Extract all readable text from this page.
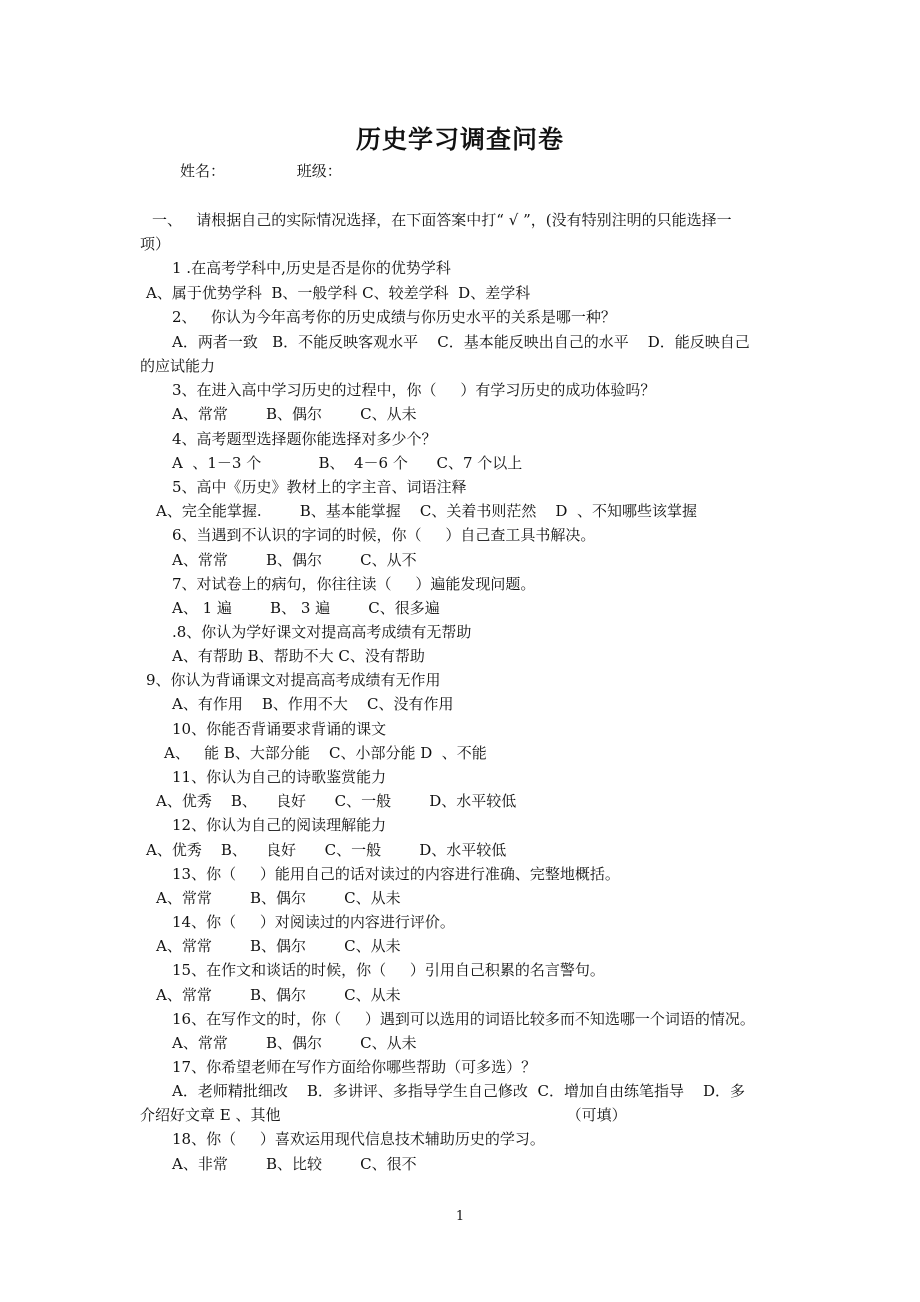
历史学习调查问卷
姓名：	班级：
一、   请根据自己的实际情况选择，在下面答案中打“ √ ”，(没有特别注明的只能选择一
项）
1 .在高考学科中,历史是否是你的优势学科
A、属于优势学科  B、一般学科 C、较差学科  D、差学科
2、   你认为今年高考你的历史成绩与你历史水平的关系是哪一种？
A．两者一致   B．不能反映客观水平    C．基本能反映出自己的水平    D．能反映自己
的应试能力
3、在进入高中学习历史的过程中，你（     ）有学习历史的成功体验吗？
A、常常        B、偶尔        C、从未
4、高考题型选择题你能选择对多少个？
A  、1－3 个            B、  4－6 个      C、7 个以上
5、高中《历史》教材上的字主音、词语注释
A、完全能掌握.        B、基本能掌握    C、关着书则茫然    D  、不知哪些该掌握
6、当遇到不认识的字词的时候，你（     ）自己查工具书解决。
A、常常        B、偶尔        C、从不
7、对试卷上的病句，你往往读（     ）遍能发现问题。
A、 1 遍        B、 3 遍        C、很多遍
.8、你认为学好课文对提高高考成绩有无帮助
A、有帮助 B、帮助不大 C、没有帮助
9、你认为背诵课文对提高高考成绩有无作用
A、有作用    B、作用不大    C、没有作用
10、你能否背诵要求背诵的课文
A、   能 B、大部分能    C、小部分能 D  、不能
11、你认为自己的诗歌鉴赏能力
A、优秀    B、    良好      C、一般        D、水平较低
12、你认为自己的阅读理解能力
A、优秀    B、    良好      C、一般        D、水平较低
13、你（     ）能用自己的话对读过的内容进行准确、完整地概括。
A、常常        B、偶尔        C、从未
14、你（     ）对阅读过的内容进行评价。
A、常常        B、偶尔        C、从未
15、在作文和谈话的时候，你（     ）引用自己积累的名言警句。
A、常常        B、偶尔        C、从未
16、在写作文的时，你（     ）遇到可以选用的词语比较多而不知选哪一个词语的情况。
A、常常        B、偶尔        C、从未
17、你希望老师在写作方面给你哪些帮助（可多选）？
A．老师精批细改    B．多讲评、多指导学生自己修改  C．增加自由练笔指导    D．多
介绍好文章 E 、其他                                                            （可填）
18、你（     ）喜欢运用现代信息技术辅助历史的学习。
A、非常        B、比较        C、很不
1
